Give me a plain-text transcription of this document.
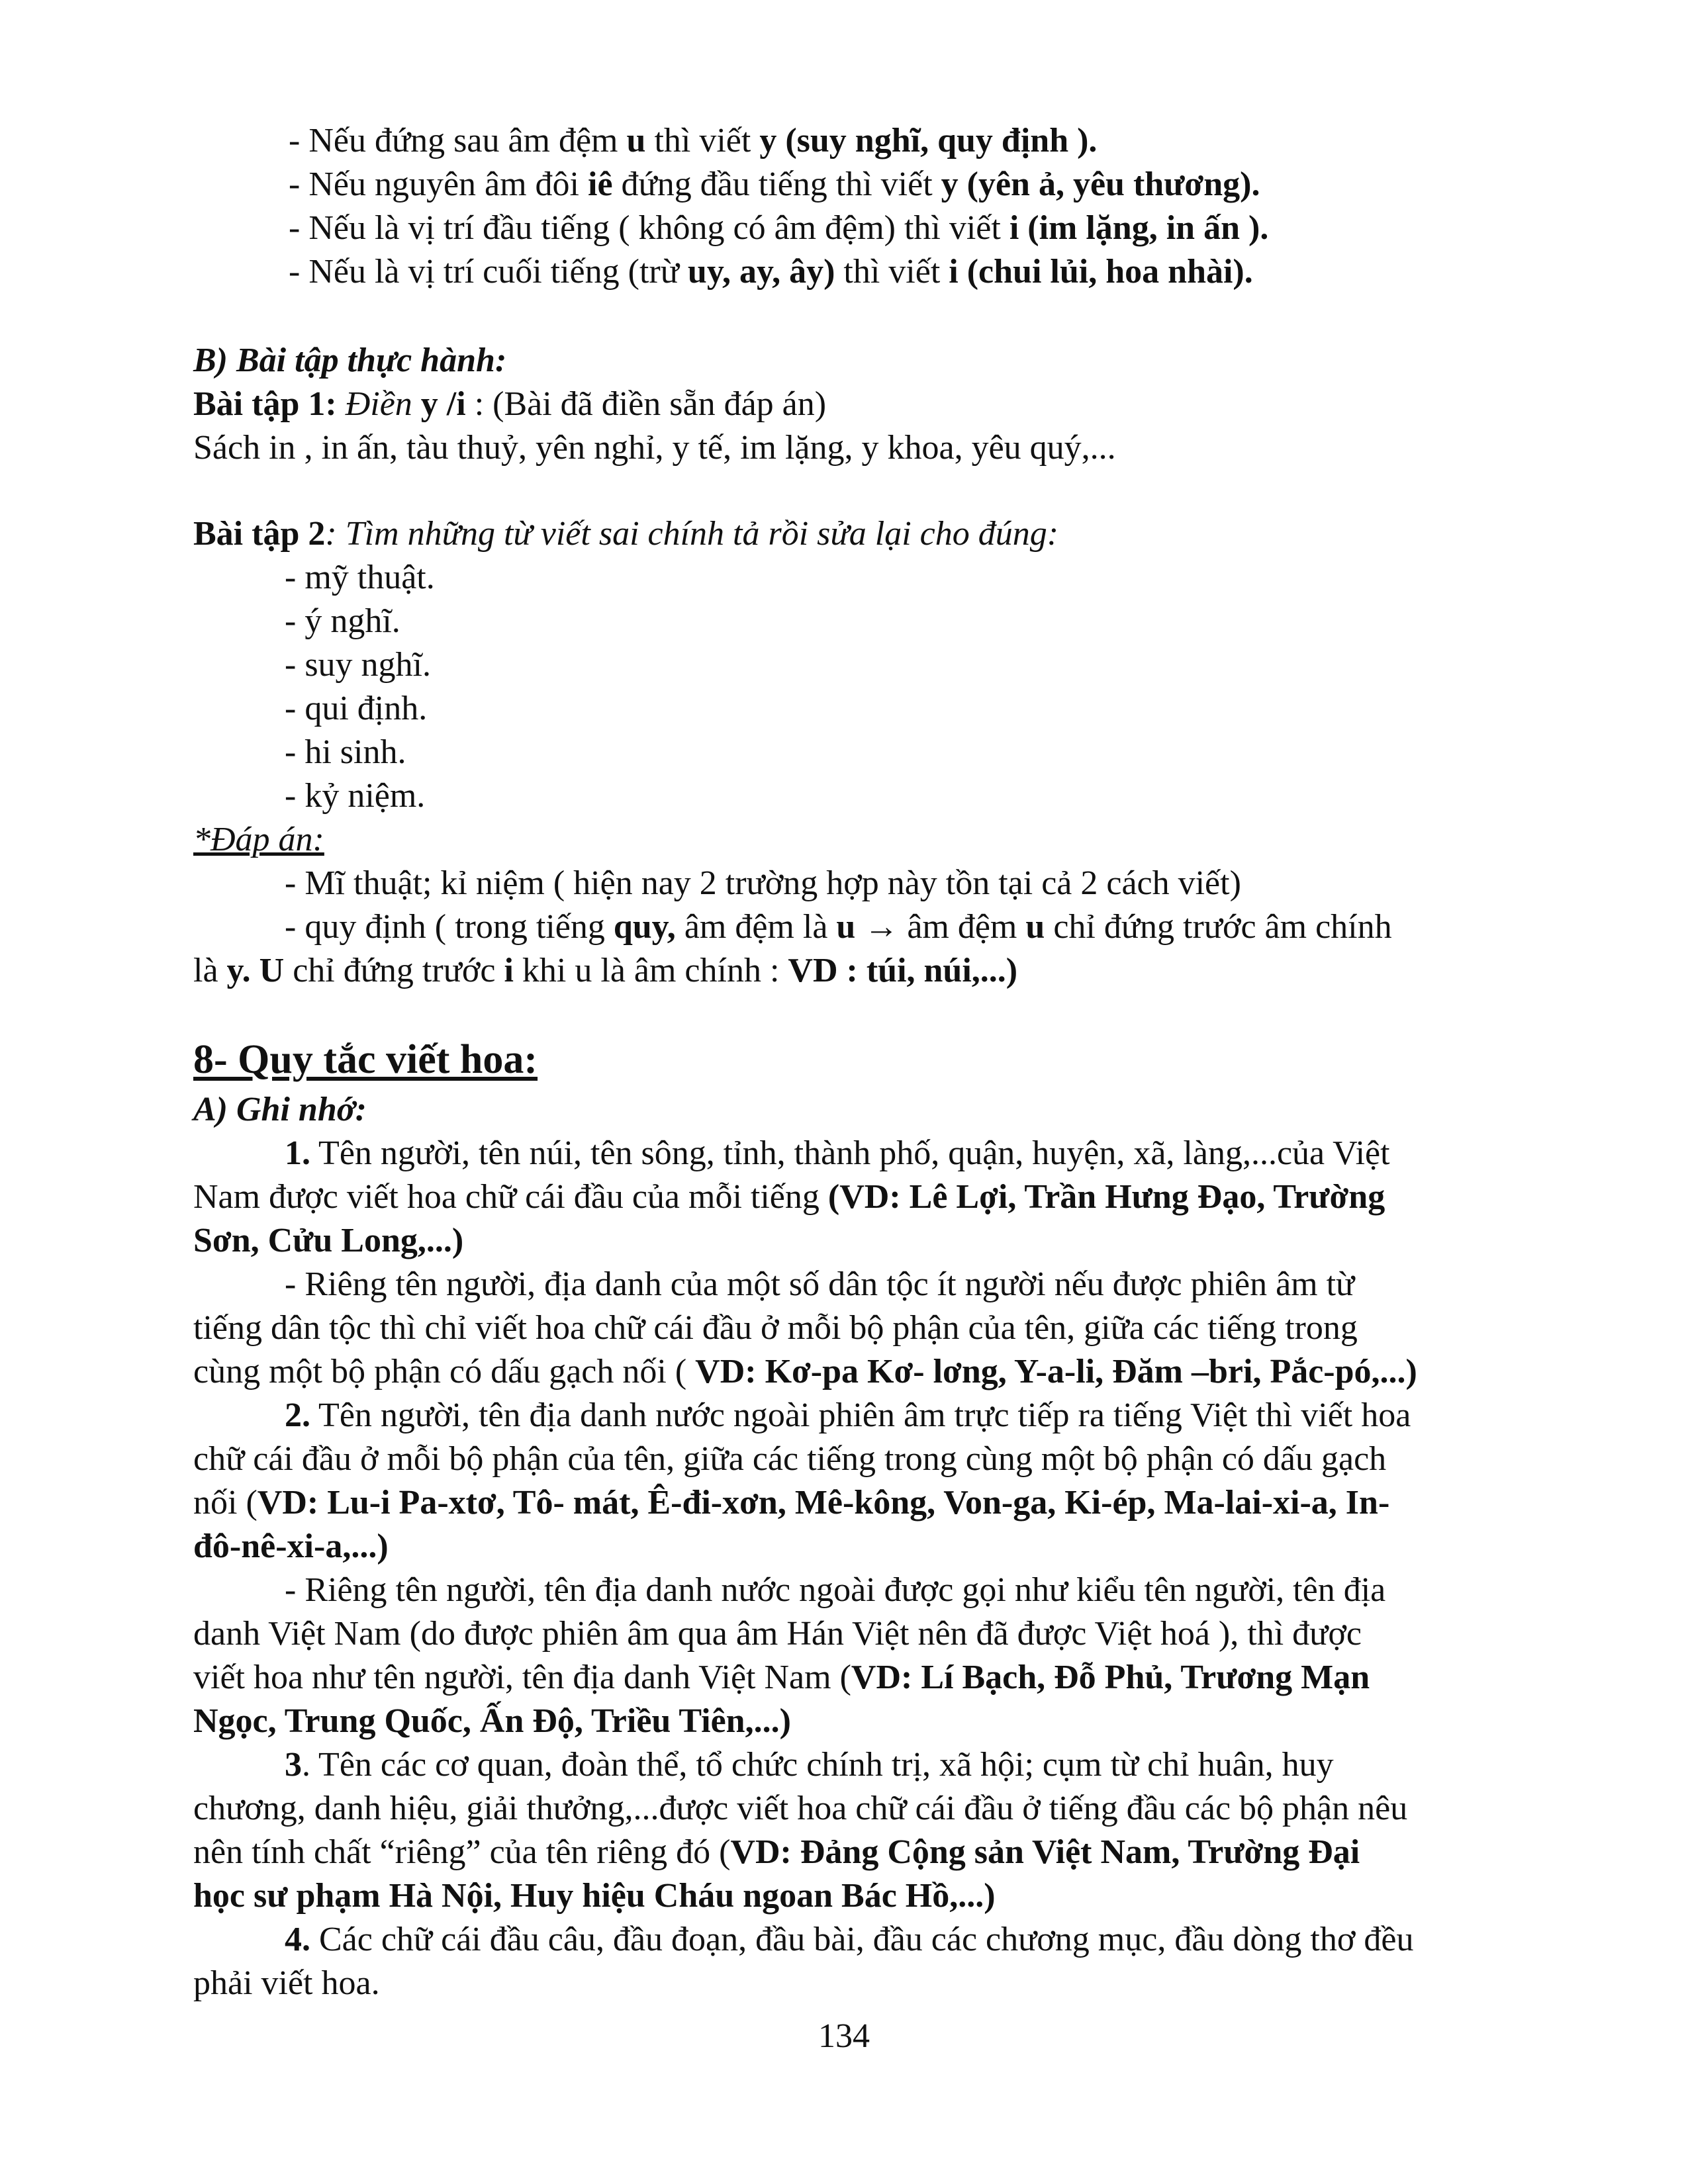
- Nếu đứng sau âm đệm u thì viết y (suy nghĩ, quy định ).
- Nếu nguyên âm đôi iê đứng đầu tiếng thì viết y (yên ả, yêu thương).
- Nếu là vị trí đầu tiếng ( không có âm đệm) thì viết i (im lặng, in ấn ).
- Nếu là vị trí cuối tiếng (trừ uy, ay, ây) thì viết i (chui lủi, hoa nhài).
B) Bài tập thực hành:
Bài tập 1: Điền y /i : (Bài đã điền sẵn đáp án)
Sách in , in ấn, tàu thuỷ, yên nghỉ, y tế, im lặng, y khoa, yêu quý,...
Bài tập 2: Tìm những từ viết sai chính tả rồi sửa lại cho đúng:
- mỹ thuật.
- ý nghĩ.
- suy nghĩ.
- qui định.
- hi sinh.
- kỷ niệm.
*Đáp án:
- Mĩ thuật; kỉ niệm ( hiện nay 2 trường hợp này tồn tại cả 2 cách viết)
- quy định ( trong tiếng quy, âm đệm là u → âm đệm u chỉ đứng trước âm chính
là y. U chỉ đứng trước i khi u là âm chính : VD : túi, núi,...)
8- Quy tắc viết hoa:
A) Ghi nhớ:
1. Tên người, tên núi, tên sông, tỉnh, thành phố, quận, huyện, xã, làng,...của Việt
Nam được viết hoa chữ cái đầu của mỗi tiếng (VD: Lê Lợi, Trần Hưng Đạo, Trường
Sơn, Cửu Long,...)
- Riêng tên người, địa danh của một số dân tộc ít người nếu được phiên âm từ
tiếng dân tộc thì chỉ viết hoa chữ cái đầu ở mỗi bộ phận của tên, giữa các tiếng trong
cùng một bộ phận có dấu gạch nối ( VD: Kơ-pa Kơ- lơng, Y-a-li, Đăm –bri, Pắc-pó,...)
2. Tên người, tên địa danh nước ngoài phiên âm trực tiếp ra tiếng Việt thì viết hoa
chữ cái đầu ở mỗi bộ phận của tên, giữa các tiếng trong cùng một bộ phận có dấu gạch
nối (VD: Lu-i Pa-xtơ, Tô- mát, Ê-đi-xơn, Mê-kông, Von-ga, Ki-ép, Ma-lai-xi-a, In-
đô-nê-xi-a,...)
- Riêng tên người, tên địa danh nước ngoài được gọi như kiểu tên người, tên địa
danh Việt Nam (do được phiên âm qua âm Hán Việt nên đã được Việt hoá ), thì được
viết hoa như tên người, tên địa danh Việt Nam (VD: Lí Bạch, Đỗ Phủ, Trương Mạn
Ngọc, Trung Quốc, Ấn Độ, Triều Tiên,...)
3. Tên các cơ quan, đoàn thể, tổ chức chính trị, xã hội; cụm từ chỉ huân, huy
chương, danh hiệu, giải thưởng,...được viết hoa chữ cái đầu ở tiếng đầu các bộ phận nêu
nên tính chất “riêng” của tên riêng đó (VD: Đảng Cộng sản Việt Nam, Trường Đại
học sư phạm Hà Nội, Huy hiệu Cháu ngoan Bác Hồ,...)
4. Các chữ cái đầu câu, đầu đoạn, đầu bài, đầu các chương mục, đầu dòng thơ đều
phải viết hoa.
134
